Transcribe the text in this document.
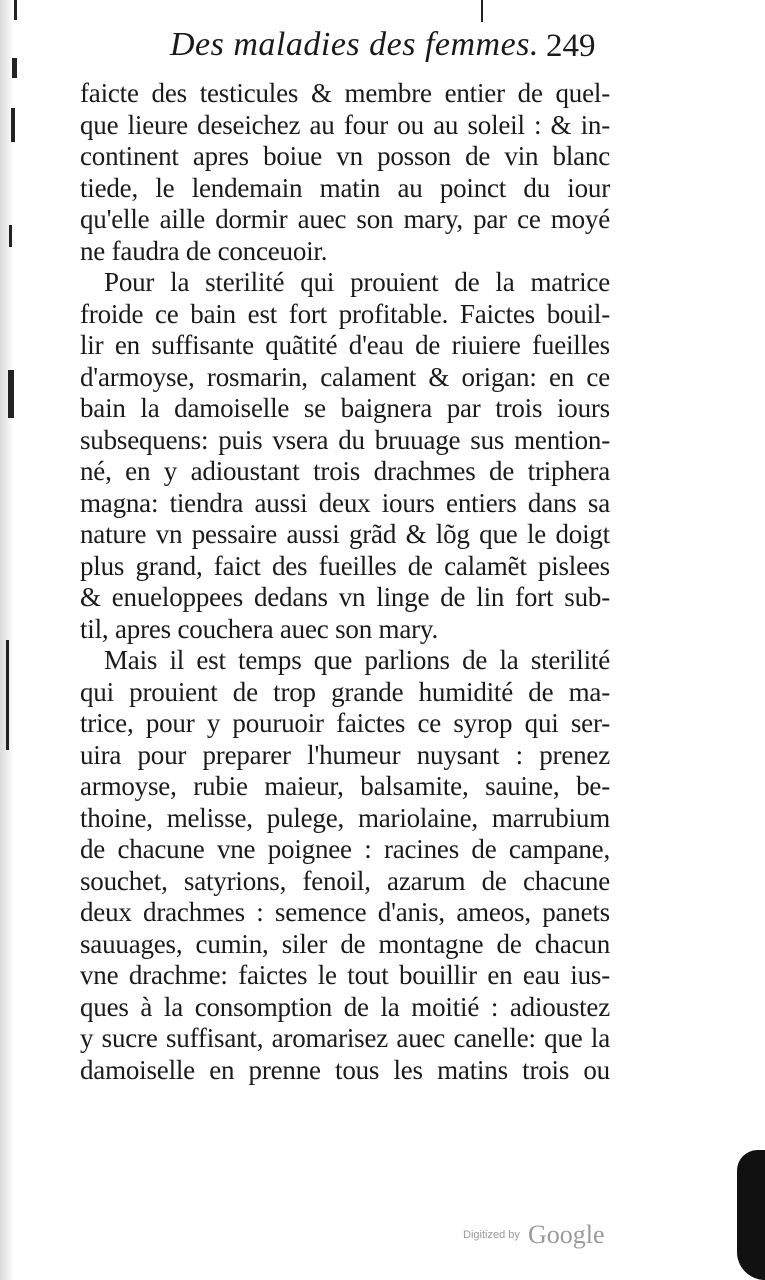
Des maladies des femmes. 249
faicte des testicules & membre entier de quel-
que lieure deseichez au four ou au soleil : & in-
continent apres boiue vn posson de vin blanc
tiede, le lendemain matin au poinct du iour
qu'elle aille dormir auec son mary, par ce moyé
ne faudra de conceuoir.
Pour la sterilité qui prouient de la matrice
froide ce bain est fort profitable. Faictes bouil-
lir en suffisante quãtité d'eau de riuiere fueilles
d'armoyse, rosmarin, calament & origan: en ce
bain la damoiselle se baignera par trois iours
subsequens: puis vsera du bruuage sus mention-
né, en y adioustant trois drachmes de triphera
magna: tiendra aussi deux iours entiers dans sa
nature vn pessaire aussi grãd & lõg que le doigt
plus grand, faict des fueilles de calamẽt pislees
& enueloppees dedans vn linge de lin fort sub-
til, apres couchera auec son mary.
Mais il est temps que parlions de la sterilité
qui prouient de trop grande humidité de ma-
trice, pour y pouruoir faictes ce syrop qui ser-
uira pour preparer l'humeur nuysant : prenez
armoyse, rubie maieur, balsamite, sauine, be-
thoine, melisse, pulege, mariolaine, marrubium
de chacune vne poignee : racines de campane,
souchet, satyrions, fenoil, azarum de chacune
deux drachmes : semence d'anis, ameos, panets
sauuages, cumin, siler de montagne de chacun
vne drachme: faictes le tout bouillir en eau ius-
ques à la consomption de la moitié : adioustez
y sucre suffisant, aromarisez auec canelle: que la
damoiselle en prenne tous les matins trois ou
Digitized by Google
